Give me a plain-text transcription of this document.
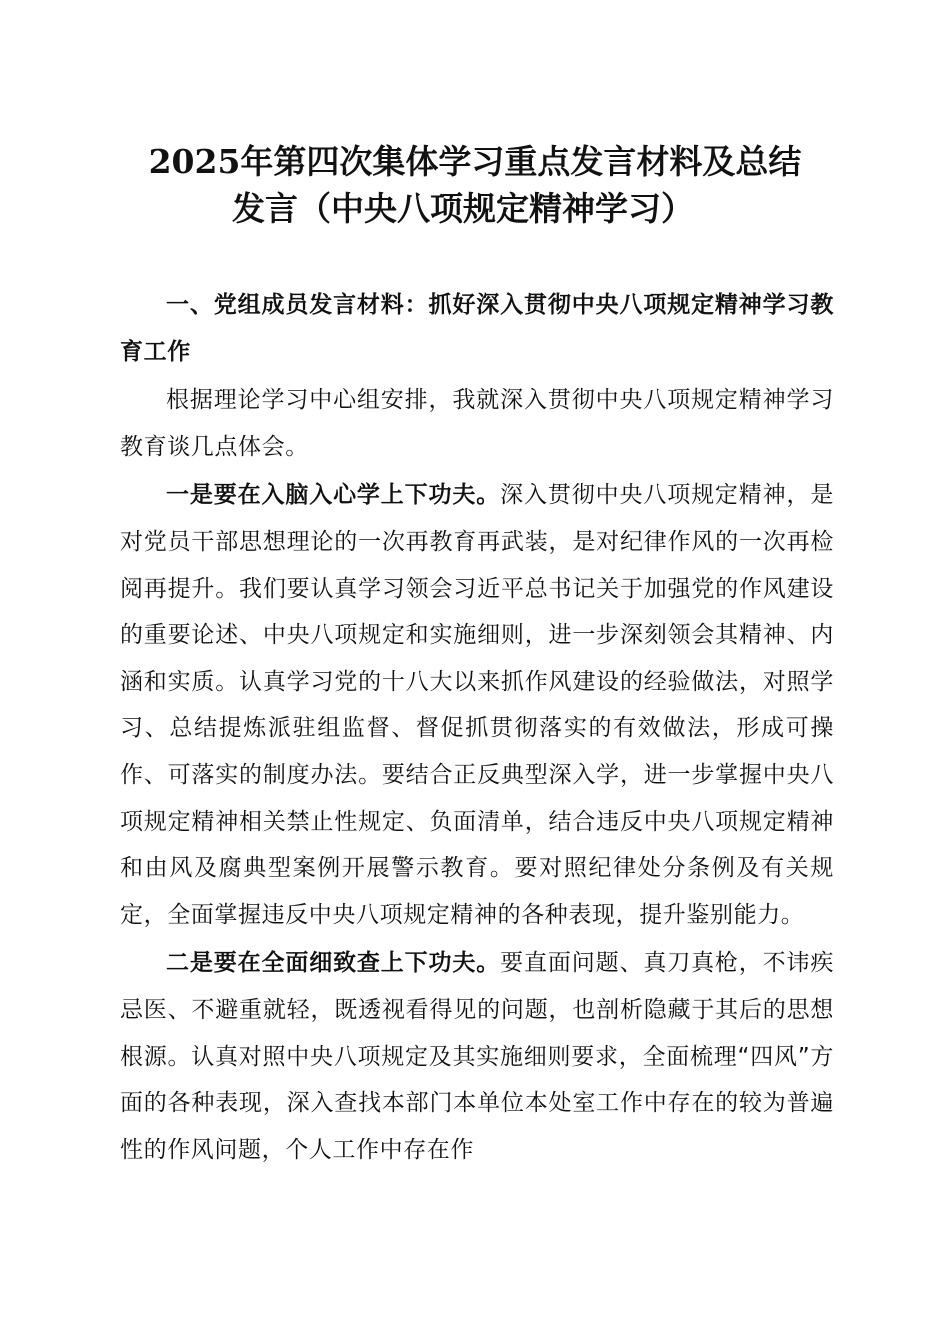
2025年第四次集体学习重点发言材料及总结
发言（中央八项规定精神学习）

一、党组成员发言材料：抓好深入贯彻中央八项规定精神学习教育工作

根据理论学习中心组安排，我就深入贯彻中央八项规定精神学习教育谈几点体会。

一是要在入脑入心学上下功夫。深入贯彻中央八项规定精神，是对党员干部思想理论的一次再教育再武装，是对纪律作风的一次再检阅再提升。我们要认真学习领会习近平总书记关于加强党的作风建设的重要论述、中央八项规定和实施细则，进一步深刻领会其精神、内涵和实质。认真学习党的十八大以来抓作风建设的经验做法，对照学习、总结提炼派驻组监督、督促抓贯彻落实的有效做法，形成可操作、可落实的制度办法。要结合正反典型深入学，进一步掌握中央八项规定精神相关禁止性规定、负面清单，结合违反中央八项规定精神和由风及腐典型案例开展警示教育。要对照纪律处分条例及有关规定，全面掌握违反中央八项规定精神的各种表现，提升鉴别能力。

二是要在全面细致查上下功夫。要直面问题、真刀真枪，不讳疾忌医、不避重就轻，既透视看得见的问题，也剖析隐藏于其后的思想根源。认真对照中央八项规定及其实施细则要求，全面梳理“四风”方面的各种表现，深入查找本部门本单位本处室工作中存在的较为普遍性的作风问题，个人工作中存在作
